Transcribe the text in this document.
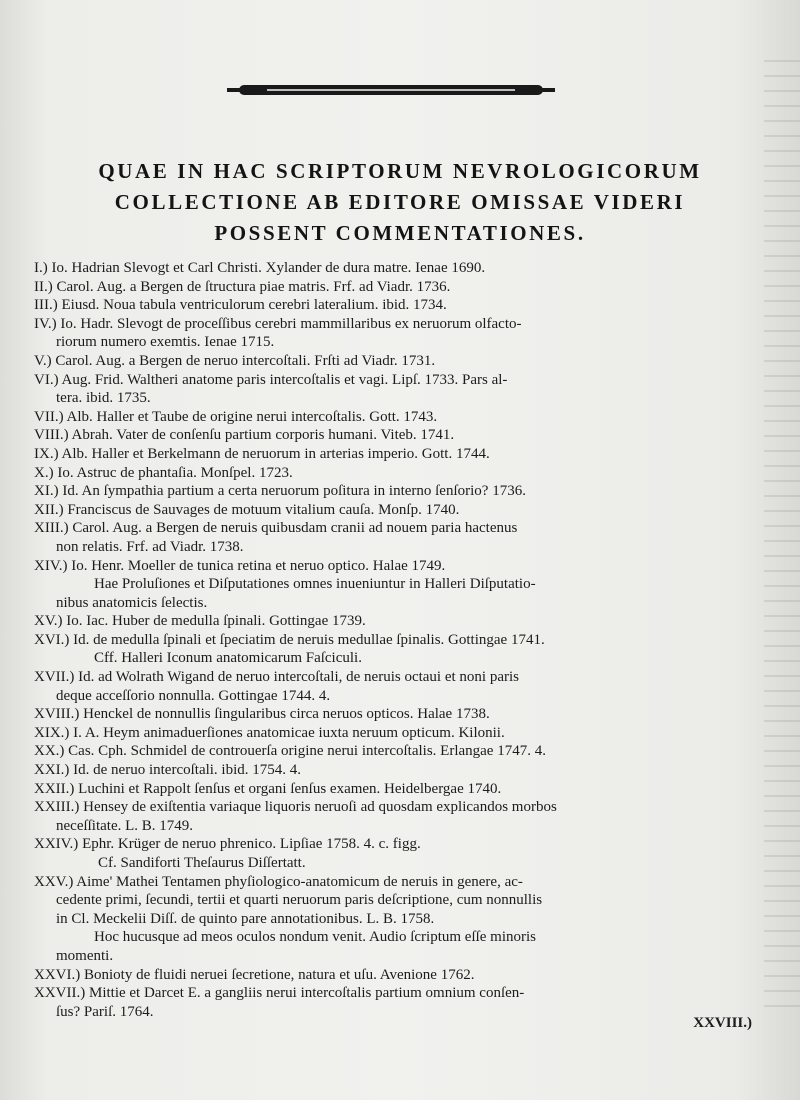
QUAE IN HAC SCRIPTORUM NEVROLOGICORUM
COLLECTIONE AB EDITORE OMISSAE VIDERI
POSSENT COMMENTATIONES.
I.) Io. Hadrian Slevogt et Carl Christi. Xylander de dura matre. Ienae 1690.
II.) Carol. Aug. a Bergen de ſtructura piae matris. Frf. ad Viadr. 1736.
III.) Eiusd. Noua tabula ventriculorum cerebri lateralium. ibid. 1734.
IV.) Io. Hadr. Slevogt de proceſſibus cerebri mammillaribus ex neruorum olfacto-
riorum numero exemtis. Ienae 1715.
V.) Carol. Aug. a Bergen de neruo intercoſtali. Frſti ad Viadr. 1731.
VI.) Aug. Frid. Waltheri anatome paris intercoſtalis et vagi. Lipſ. 1733. Pars al-
tera. ibid. 1735.
VII.) Alb. Haller et Taube de origine nerui intercoſtalis. Gott. 1743.
VIII.) Abrah. Vater de conſenſu partium corporis humani. Viteb. 1741.
IX.) Alb. Haller et Berkelmann de neruorum in arterias imperio. Gott. 1744.
X.) Io. Astruc de phantaſia. Monſpel. 1723.
XI.) Id. An ſympathia partium a certa neruorum poſitura in interno ſenſorio? 1736.
XII.) Franciscus de Sauvages de motuum vitalium cauſa. Monſp. 1740.
XIII.) Carol. Aug. a Bergen de neruis quibusdam cranii ad nouem paria hactenus
non relatis. Frf. ad Viadr. 1738.
XIV.) Io. Henr. Moeller de tunica retina et neruo optico. Halae 1749.
Hae Proluſiones et Diſputationes omnes inueniuntur in Halleri Diſputatio-
nibus anatomicis ſelectis.
XV.) Io. Iac. Huber de medulla ſpinali. Gottingae 1739.
XVI.) Id. de medulla ſpinali et ſpeciatim de neruis medullae ſpinalis. Gottingae 1741.
Cff. Halleri Iconum anatomicarum Faſciculi.
XVII.) Id. ad Wolrath Wigand de neruo intercoſtali, de neruis octaui et noni paris
deque acceſſorio nonnulla. Gottingae 1744. 4.
XVIII.) Henckel de nonnullis ſingularibus circa neruos opticos. Halae 1738.
XIX.) I. A. Heym animaduerſiones anatomicae iuxta neruum opticum. Kilonii.
XX.) Cas. Cph. Schmidel de controuerſa origine nerui intercoſtalis. Erlangae 1747. 4.
XXI.) Id. de neruo intercoſtali. ibid. 1754. 4.
XXII.) Luchini et Rappolt ſenſus et organi ſenſus examen. Heidelbergae 1740.
XXIII.) Hensey de exiſtentia variaque liquoris neruoſi ad quosdam explicandos morbos
neceſſitate. L. B. 1749.
XXIV.) Ephr. Krüger de neruo phrenico. Lipſiae 1758. 4. c. figg.
Cf. Sandiforti Theſaurus Diſſertatt.
XXV.) Aime' Mathei Tentamen phyſiologico-anatomicum de neruis in genere, ac-
cedente primi, ſecundi, tertii et quarti neruorum paris deſcriptione, cum nonnullis
in Cl. Meckelii Diſſ. de quinto pare annotationibus. L. B. 1758.
Hoc hucusque ad meos oculos nondum venit. Audio ſcriptum eſſe minoris
momenti.
XXVI.) Bonioty de fluidi neruei ſecretione, natura et uſu. Avenione 1762.
XXVII.) Mittie et Darcet E. a gangliis nerui intercoſtalis partium omnium conſen-
ſus? Pariſ. 1764.
XXVIII.)
